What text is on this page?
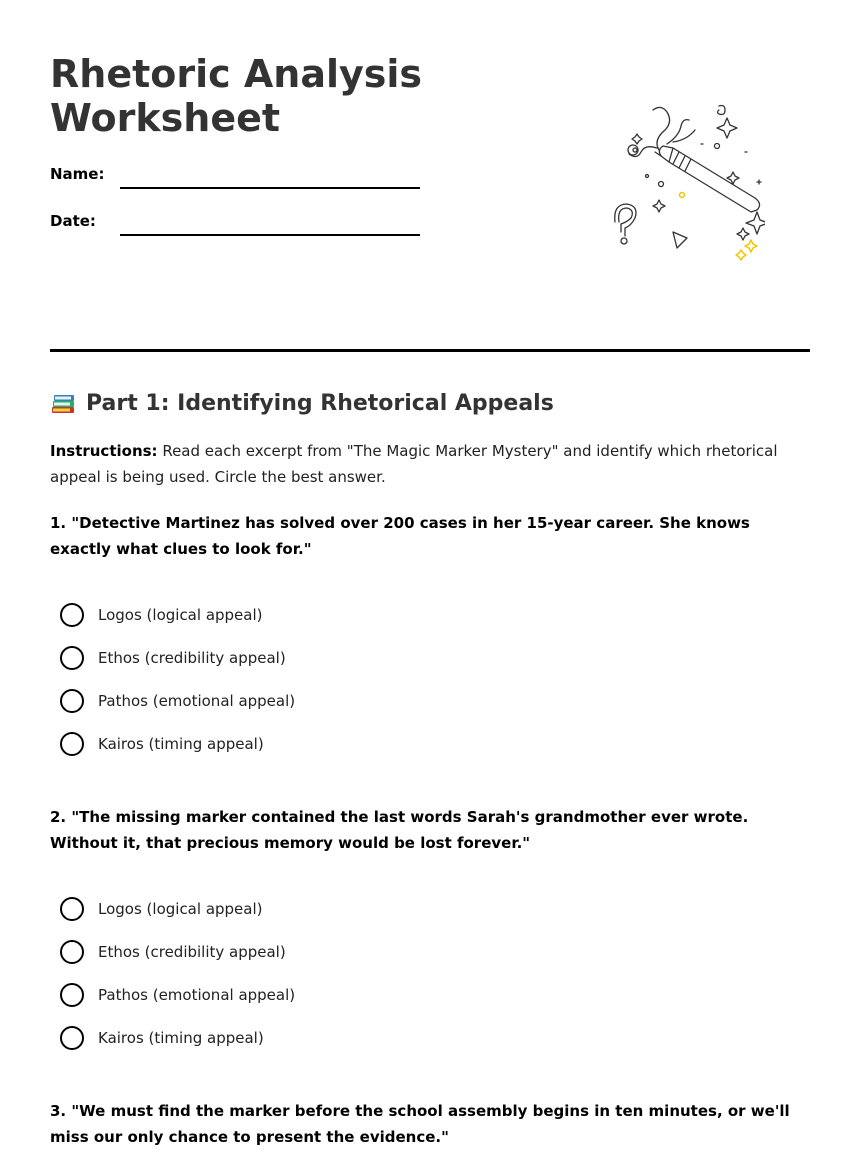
Rhetoric Analysis
Worksheet
Name:
Date:
Part 1: Identifying Rhetorical Appeals
Instructions: Read each excerpt from "The Magic Marker Mystery" and identify which rhetorical appeal is being used. Circle the best answer.

1. "Detective Martinez has solved over 200 cases in her 15-year career. She knows exactly what clues to look for."

Logos (logical appeal)
Ethos (credibility appeal)
Pathos (emotional appeal)
Kairos (timing appeal)

2. "The missing marker contained the last words Sarah's grandmother ever wrote. Without it, that precious memory would be lost forever."

Logos (logical appeal)
Ethos (credibility appeal)
Pathos (emotional appeal)
Kairos (timing appeal)

3. "We must find the marker before the school assembly begins in ten minutes, or we'll miss our only chance to present the evidence."
